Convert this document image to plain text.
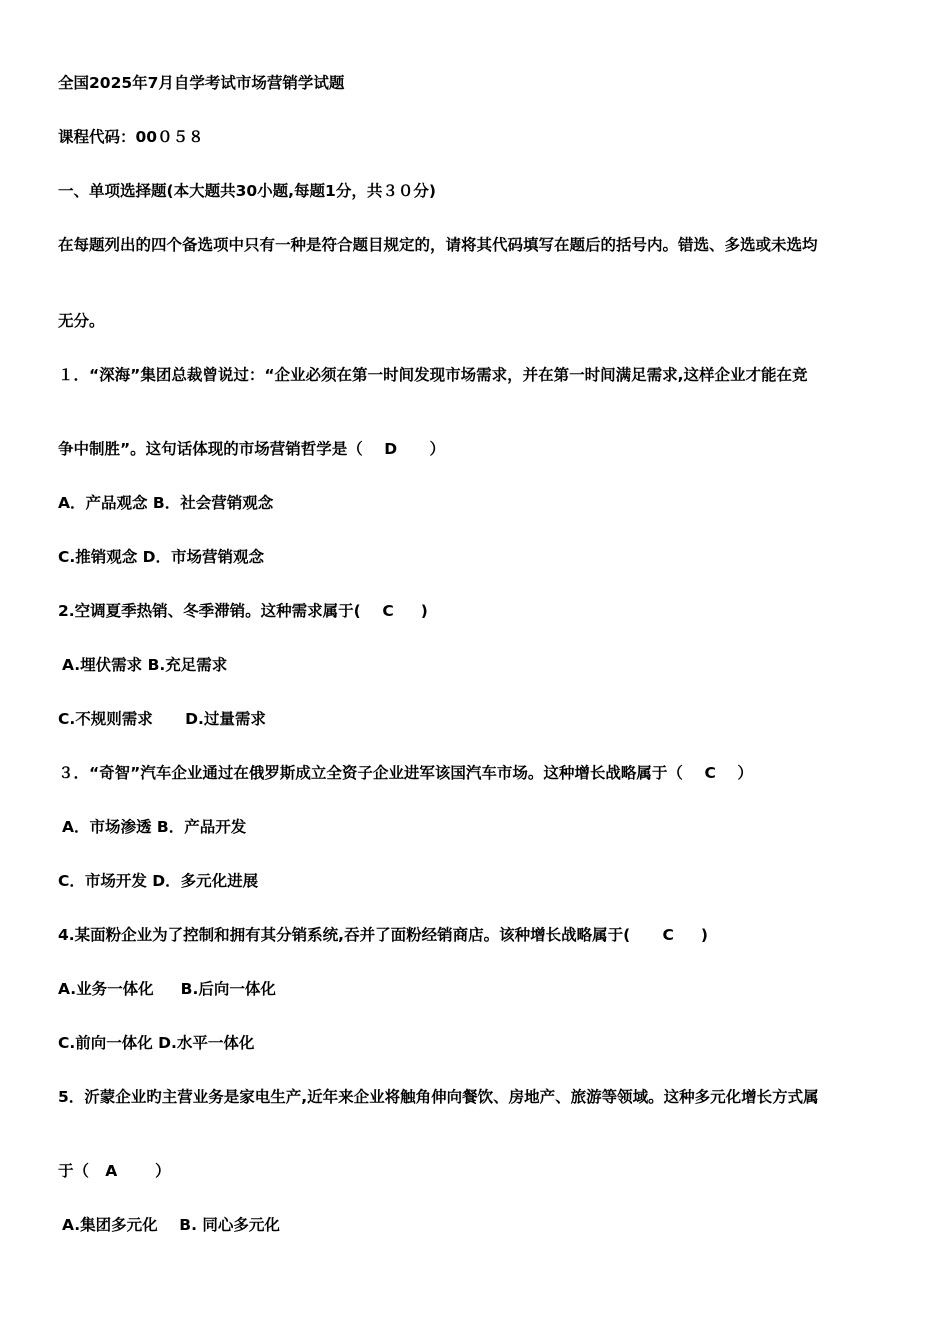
全国2025年7月自学考试市场营销学试题
课程代码：00０５８
一、单项选择题(本大题共30小题,每题1分，共３０分)
在每题列出的四个备选项中只有一种是符合题目规定的，请将其代码填写在题后的括号内。错选、多选或未选均
无分。
１．“深海”集团总裁曾说过：“企业必须在第一时间发现市场需求，并在第一时间满足需求,这样企业才能在竞
争中制胜”。这句话体现的市场营销哲学是（    D      ）
A．产品观念 B．社会营销观念
C.推销观念 D．市场营销观念
2.空调夏季热销、冬季滞销。这种需求属于(    C     )
A.埋伏需求 B.充足需求
C.不规则需求      D.过量需求
３．“奇智”汽车企业通过在俄罗斯成立全资子企业进军该国汽车市场。这种增长战略属于（    C    ）
A．市场渗透 B．产品开发
C．市场开发 D．多元化进展
4.某面粉企业为了控制和拥有其分销系统,吞并了面粉经销商店。该种增长战略属于(      C     )
A.业务一体化     B.后向一体化
C.前向一体化 D.水平一体化
5．沂蒙企业旳主营业务是家电生产,近年来企业将触角伸向餐饮、房地产、旅游等领域。这种多元化增长方式属
于（   A       ）
A.集团多元化    B. 同心多元化
